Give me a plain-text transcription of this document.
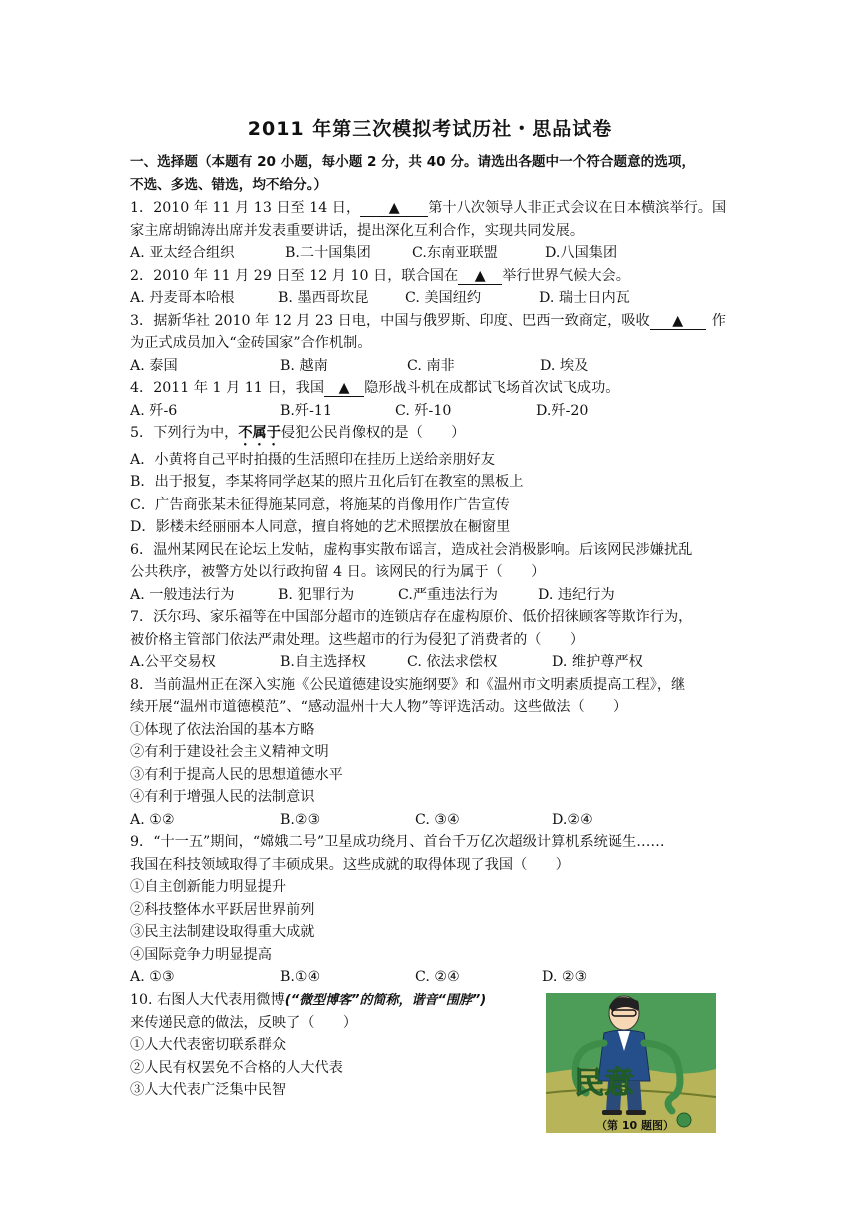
2011 年第三次模拟考试历社・思品试卷
一、选择题（本题有 20 小题，每小题 2 分，共 40 分。请选出各题中一个符合题意的选项，
不选、多选、错选，均不给分。）
1．2010 年 11 月 13 日至 14 日， ▲ 第十八次领导人非正式会议在日本横滨举行。国
家主席胡锦涛出席并发表重要讲话，提出深化互利合作，实现共同发展。
A. 亚太经合组织	B.二十国集团	C.东南亚联盟	D.八国集团
2．2010 年 11 月 29 日至 12 月 10 日，联合国在 ▲ 举行世界气候大会。
A. 丹麦哥本哈根	B. 墨西哥坎昆	C. 美国纽约	D. 瑞士日内瓦
3．据新华社 2010 年 12 月 23 日电，中国与俄罗斯、印度、巴西一致商定，吸收 ▲ 作
为正式成员加入“金砖国家”合作机制。
A. 泰国	B. 越南	C. 南非	D. 埃及
4．2011 年 1 月 11 日，我国 ▲ 隐形战斗机在成都试飞场首次试飞成功。
A. 歼-6	B.歼-11	C. 歼-10	D.歼-20
5．下列行为中，不属于侵犯公民肖像权的是（　　）
A．小黄将自己平时拍摄的生活照印在挂历上送给亲朋好友
B．出于报复，李某将同学赵某的照片丑化后钉在教室的黑板上
C．广告商张某未征得施某同意，将施某的肖像用作广告宣传
D．影楼未经丽丽本人同意，擅自将她的艺术照摆放在橱窗里
6．温州某网民在论坛上发帖，虚构事实散布谣言，造成社会消极影响。后该网民涉嫌扰乱
公共秩序，被警方处以行政拘留 4 日。该网民的行为属于（　　）
A. 一般违法行为	B. 犯罪行为	C.严重违法行为	D. 违纪行为
7．沃尔玛、家乐福等在中国部分超市的连锁店存在虚构原价、低价招徕顾客等欺诈行为，
被价格主管部门依法严肃处理。这些超市的行为侵犯了消费者的（　　）
A.公平交易权	B.自主选择权	C. 依法求偿权	D. 维护尊严权
8．当前温州正在深入实施《公民道德建设实施纲要》和《温州市文明素质提高工程》，继
续开展“温州市道德模范”、“感动温州十大人物”等评选活动。这些做法（　　）
①体现了依法治国的基本方略
②有利于建设社会主义精神文明
③有利于提高人民的思想道德水平
④有利于增强人民的法制意识
A. ①②	B.②③	C. ③④	D.②④
9．“十一五”期间，“嫦娥二号”卫星成功绕月、首台千万亿次超级计算机系统诞生……
我国在科技领域取得了丰硕成果。这些成就的取得体现了我国（　　）
①自主创新能力明显提升
②科技整体水平跃居世界前列
③民主法制建设取得重大成就
④国际竞争力明显提高
A. ①③	B.①④	C. ②④	D. ②③
10. 右图人大代表用微博(“微型博客”的简称，谐音“围脖”)
来传递民意的做法，反映了（　　）
①人大代表密切联系群众
②人民有权罢免不合格的人大代表
③人大代表广泛集中民智	民意
（第 10 题图）
